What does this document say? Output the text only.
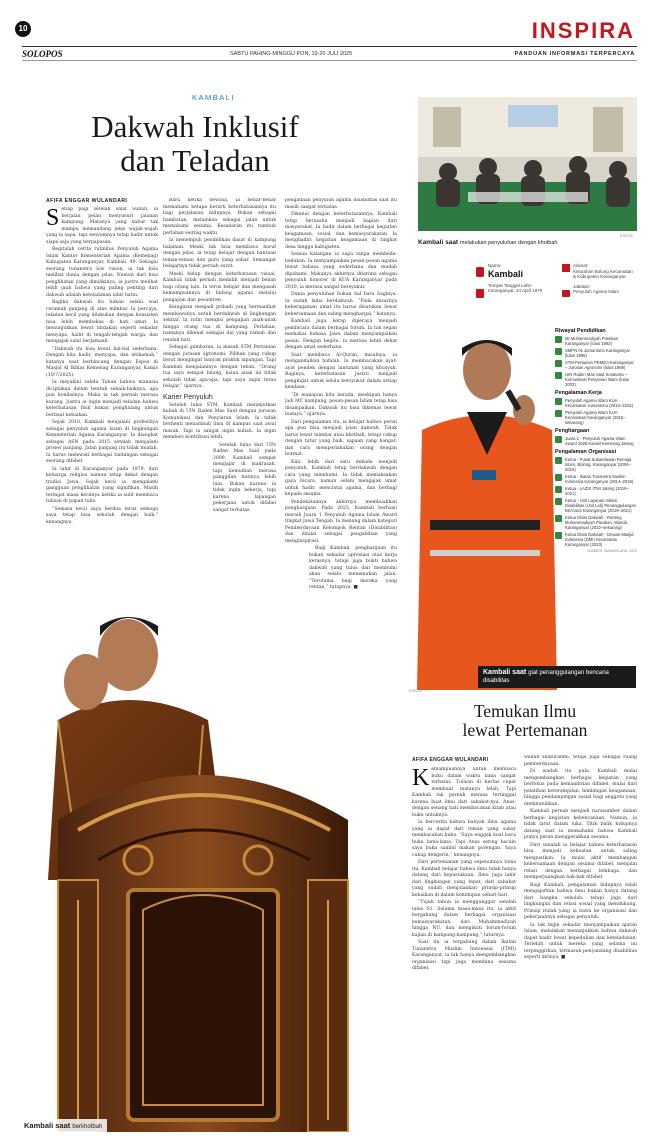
10	INSPIRA
SOLOPOS	SABTU PAHING-MINGGU PON, 19-20 JULI 2025	PANDUAN INFORMASI TERPERCAYA
KAMBALI
Dakwah Inklusif
dan Teladan
AFIFA ENGGAR WULANDARI

Setiap pagi setelah salat Subuh, ia berjalan pelan menyusuri jalanan kampung. Matanya yang kabur tak mampu memandang jelas wajah-wajah yang ia sapa, tapi senyumnya tetap hadir untuk siapa saja yang berpapasan.

Begitulah cerita rutinitas Penyuluh Agama Islam Kantor Kementerian Agama (Kemenag) Kabupaten Karanganyar, Kambali, 49. Sebagai seorang tunanetra low vision, ia tak bisa melihat dunia dengan jelas. Namun dari bisa penglihatan yang dimilikinya, ia justru melihat lebih jauh bahwa yang paling penting dari dakwah adalah keteladanan lahir batin.

Bagiku dakwah itu bukan selalu soal ceramah panjang di atas mimbar. Ia percaya, teladan kecil yang dilakukan dengan konsisten bisa lebih membekas di hati umat. Ia menunjukkan lewat tindakan seperti sekadar menyapa, hadir di tengah-tengah warga, dan mengajak salat berjamaah.

“Dakwah itu bisa lewat hal-hal sederhana. Dengan kita hadir, menyapa, dan istikamah,” katanya saat berbincang dengan Espos di Masjid Al Ikhlas Kemenag Karanganyar, Kamis (10/7/2025).

Ia meyakini sabda Tuhan bahwa manusia diciptakan dalam bentuk sebaik-baiknya, apa pun kondisinya. Maka ia tak pernah merasa kurang. Justru ia ingin menjadi teladan bahwa keterbatasan fisik bukan penghalang untuk berbuat kebaikan.

Sejak 2010, Kambali menjalani profesinya sebagai penyuluh agama Islam di lingkungan Kementerian Agama Karanganyar. Ia diangkat sebagai ASN pada 2015 setelah menjalani proses panjang. Jalan panjang itu tidak mudah. Ia harus melewati berbagai tantangan sebagai seorang difabel.

Ia lahir di Karanganyar pada 1979, dari keluarga religius namun tetap dekat dengan tradisi Jawa. Sejak kecil ia mengalami gangguan penglihatan yang signifikan. Masih teringat masa kecilnya ketika ia sulit membaca tulisan di papan tulis.

“Semasa kecil saya berdoa terus semoga saya tetap bisa sekolah dengan baik,” kenangnya.

Baru ketika dewasa, ia benar-benar memahami betapa berarti keterbatasannya itu bagi perjalanan hidupnya. Bukan sebagai hambatan, melainkan sebagai jalan untuk memahami sesama. Kesadaran itu tumbuh perlahan seiring waktu.

Ia menempuh pendidikan dasar di kampung halaman. Meski tak bisa membaca huruf dengan jelas, ia tetap belajar dengan bantuan teman-teman dan guru yang sabar. Semangat belajarnya tidak pernah surut.

Meski hidup dengan keterbatasan visual, Kambali tidak pernah memilih menjadi beban bagi orang lain. Ia terus belajar dan mengasah kemampuannya di bidang agama melalui pengajian dan pesantren.

Keinginan menjadi pribadi yang bermanfaat membawanya untuk berdakwah di lingkungan sekitar. Ia rutin mengisi pengajian anak-anak hingga orang tua di kampung. Perlahan, namanya dikenal sebagai dai yang ramah dan rendah hati.

Sebagai gambaran, ia masuk STM Pertanian dengan jurusan agronomi. Pilihan yang cukup berat mengingat banyak praktik lapangan. Tapi Kambali menjalaninya dengan tekun. “Orang tua saya sempat bilang, kalau anak ini tidak sekolah tidak apa-apa, tapi saya ingin terus belajar,” ujarnya.

Karier Penyuluh

Setelah lulus STM, Kambali melanjutkan kuliah di UIN Raden Mas Said dengan jurusan Komunikasi dan Penyiaran Islam. Ia tidak berhenti menambah ilmu di kampus saat awal masuk. Tapi ia sangat ingin kuliah. Ia ingin memberi kontribusi lebih.

Setelah lulus dari UIN Raden Mas Said pada 2009, Kambali sempat mengajar di madrasah, tapi kemudian merasa panggilan hatinya lebih luas. Bukan karena ia tidak ingin bekerja, tapi karena lapangan pekerjaan untuk difabel sangat terbatas.

pengadaan penyuluh agama disabilitas saat itu masih sangat terbatas.

Dikenal dengan keterbatasannya, Kambali tetap berusaha menjadi bagian dari masyarakat. Ia hadir dalam berbagai kegiatan keagamaan, sosial, dan kemasyarakatan. Ia menghadiri kegiatan keagamaan di tingkat desa hingga kabupaten.

Semua kalangan ia sapa tanpa membeda-bedakan. Ia menyampaikan pesan-pesan agama lewat bahasa yang sederhana dan mudah dipahami. Makanya akhirnya diterima sebagai penyuluh honorer di KUA Karanganyar pada 2010, ia merasa sangat bersyukur.

Dunia penyuluhan bukan hal baru baginya. Ia sudah lama berdakwah. “Pada dasarnya keberagaman umat itu harus disatukan lewat kebersamaan dan saling menghargai,” katanya.

Kambali juga kerap diperaya menjadi pembicara dalam berbagai forum. Ia tak segan memakai bahasa Jawa dalam menyampaikan pesan. Dengan begitu, ia merasa lebih dekat dengan umat sederhana.

Saat membaca Al-Quran, misalnya, ia mengandalkan hafalan. Ia membacakan ayat-ayat pendek dengan lantunan yang khusyuk. Baginya, keterbatasan justru menjadi pengingat untuk selalu bersyukur dalam setiap keadaan.

“Di manapun kita berada, meskipun hanya jadi MC kampung, pesan-pesan Islam tetap bisa disampaikan. Dakwah itu bisa dikemas lewat budaya,” ujarnya.

Dari pengalaman itu, ia belajar bahwa peran apa pun bisa menjadi jalan dakwah. Tidak harus lewat mimbar atau khotbah, tetapi cukup dengan tutur yang baik, sapaan yang hangat, dan cara memperlakukan orang dengan hormat.

Kini, lebih dari satu dekade menjadi penyuluh, Kambali tetap berdakwah dengan cara yang membumi. Ia tidak memaksakan gaya bicara, namun selalu mengajak umat untuk hadir, mencintai agama, dan berbagi kepada sesama.

Pendekatannya akhirnya membuahkan penghargaan. Pada 2025, Kambali berhasil meraih Juara 1 Penyuluh Agama Islam Award tingkat Jawa Tengah. Ia menang dalam kategori Pemberdayaan Kelompok Rentan (Disabilitas) dan dinilai sebagai pengabdian yang menginspirasi.

Bagi Kambali, penghargaan itu bukan sekadar apresiasi atas kerja kerasnya, tetapi juga bukti bahwa dakwah yang tulus dan membumi akan selalu menemukan jalan. “Terutama bagi mereka yang rentan,” tutupnya. ■

Kambali saat berkhotbah
ESPOS/
Kambali saat melakukan penyuluhan dengan khotbah
Nama:
Kambali
Tempat Tanggal Lahir:
Karanganyar, 24 April 1979
Alamat:
Kelurahan Bolong Kecamatan & Kabupaten Karanganyar
Jabatan:
Penyuluh Agama Islam
Riwayat Pendidikan
MI Muhammadiyah Pasekan Karanganyar (lulus 1992)
SMPN 01 Jumantono Karanganyar (lulus 1995)
STM Pertanian PEMDA Karanganyar – Jurusan Agronomi (lulus 1998)
UIN Raden Mas Said Surakarta – Komunikasi Penyiaran Islam (lulus 2003)
Pengalaman Kerja
Penyuluh Agama Islam KUA Kecamatan Jumantono (2010–2015)
Penyuluh Agama Islam KUA Kecamatan Karanganyar (2015–sekarang)
Penghargaan
Juara 1 - Penyuluh Agama Islam Award 2025 Kanwil Kemenag Jateng
Pengalaman Organisasi
Ketua - Pusat Sukarelawan Remaja Islam, Bolong, Karanganyar (2006–2016)
Ketua - Ikatan Tunanetra Muslim Indonesia Karanganyar (2014–2019)
Ketua - LAZIS ITMI Jateng (2019–2021)
Ketua - Unit Layanan Inklusi Disabilitas (Unit Lidi) Penanggulangan Bencana Karanganyar (2019–2021)
Ketua Divisi Dakwah - Ranting Muhammadiyah Paraban, Mancik, Karanganyar (2022–sekarang)
Ketua Divisi Dakwah - Dewan Masjid Indonesia (DMI) Kecamatan Karanganyar (2023)
SUMBER: WAWANCARA, 2025
Kambali saat giat penanggulangan bencana disabilitas
ESPOS/
Temukan Ilmu
lewat Pertemanan
AFIFA ENGGAR WULANDARI

Kemampuannya untuk membaca buku dalam waktu lama sangat terbatas. Tulisan di kertas cepat membuat matanya lelah. Tapi Kambali tak pernah merasa tertinggal karena buat ilmu dari sahabat-nya. Anas, dengan senang hati membacakan kitab atau buku untuknya.

Ia bercerita bahwa banyak ilmu agama yang ia dapat dari teman yang sabar membacakan buku. “Saya enggak kuat baca buku lama-lama. Tapi Anas sering bacain saya buku sambil makan gorengan. Saya cukup dengerin,” kenangnya.

Dari pertemanan yang sepenuhnya tulus itu, Kambali belajar bahwa ilmu tidak hanya datang dari kepustakaan. Ilmu juga lahir dari lingkungan yang tepat, dari sahabat yang sudah menjalankan prinsip-prinsip kebaikan di dalam kehidupan sehari-hari.

“Tujuh tahun ia menggunggur setelah lulus S1. Selama masa-masa itu, ia aktif bergabung dalam berbagai organisasi kemasyarakatan, dari Muhammadiyah hingga NU, dan mengikuti forum-forum kajian di kampung-kampung,” tuturnya.

Saat itu ia tergabung dalam Ikatan Tunanetra Muslim Indonesia (ITMI) Karanganyar, ia tak hanya mengembangkan organisasi tapi juga membina sesama difabel.

wadah silaturahmi, tetapi juga sebagai ruang pemberdayaan.

Di wadah itu pula, Kambali mulai mengembangkan berbagai kegiatan yang berfokus pada kemandirian difabel, mulai dari pelatihan keterampilan, bimbingan keagamaan, hingga pendampingan sosial bagi anggota yang membutuhkan.

Kambali pernah menjadi narasumber dalam berbagai kegiatan kebencanaan. Namun, ia tidak larut dalam luka. Titik balik hidupnya datang saat ia memahami bahwa Kambali punya peran menggerakkan sesama.

Dari sanalah ia belajar bahwa keterbatasan bisa menjadi kekuatan untuk saling menguatkan. Ia mulai aktif membangun kebersamaan dengan sesama difabel, menjalin relasi dengan berbagai lembaga, dan memperjuangkan hak-hak difabel.

Bagi Kambali, pengalaman hidupnya telah mengajarkan bahwa ilmu bukan hanya datang dari bangku sekolah, tetapi juga dari lingkungan dan relasi sosial yang mendukung. Prinsip itulah yang ia bawa ke organisasi dan pekerjaannya sebagai penyuluh.

Ia tak ingin sekadar menyampaikan ajaran Islam, melainkan menunjukkan bahwa dakwah dapat hadir lewat kepedulian dan keteladanan. Terlebih untuk mereka yang selama ini terpinggirkan, termasuk penyandang disabilitas seperti dirinya. ■
